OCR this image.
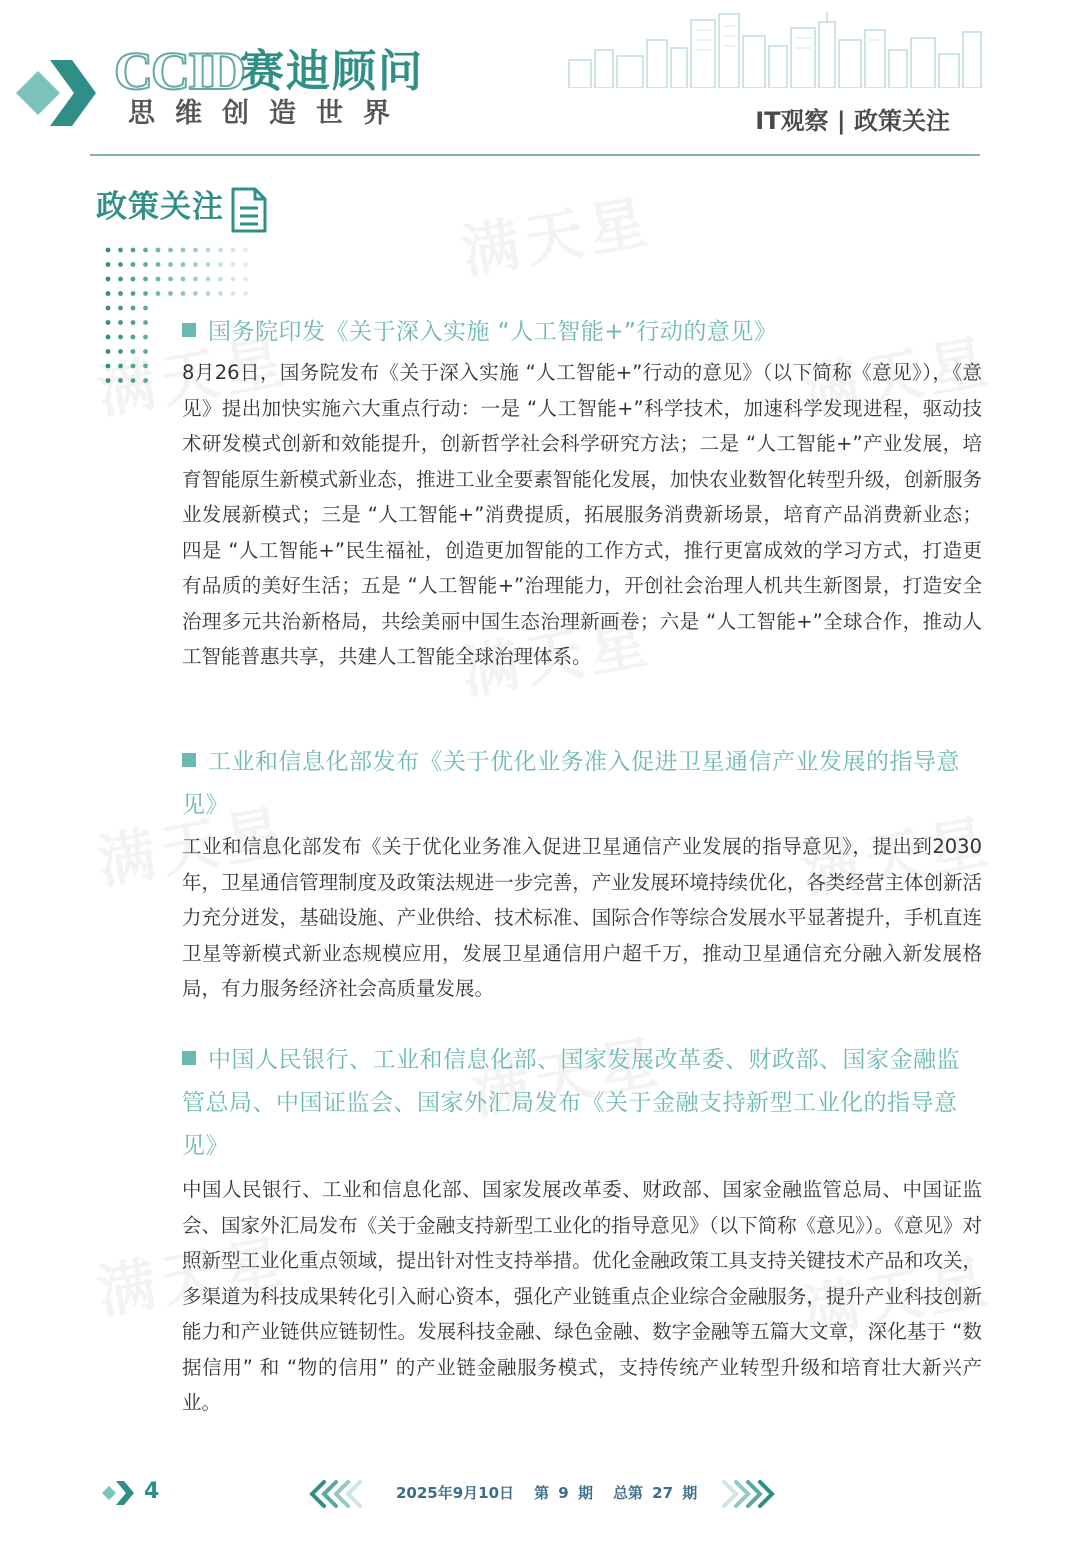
CCID
赛迪顾问
思维创造世界	IT观察 | 政策关注
政策关注
国务院印发《关于深入实施 “人工智能+”行动的意见》
8月26日，国务院发布《关于深入实施 “人工智能+”行动的意见》（以下简称《意见》），《意见》提出加快实施六大重点行动：一是 “人工智能+”科学技术，加速科学发现进程，驱动技术研发模式创新和效能提升，创新哲学社会科学研究方法；二是 “人工智能+”产业发展，培育智能原生新模式新业态，推进工业全要素智能化发展，加快农业数智化转型升级，创新服务业发展新模式；三是 “人工智能+”消费提质，拓展服务消费新场景，培育产品消费新业态；四是 “人工智能+”民生福祉，创造更加智能的工作方式，推行更富成效的学习方式，打造更有品质的美好生活；五是 “人工智能+”治理能力，开创社会治理人机共生新图景，打造安全治理多元共治新格局，共绘美丽中国生态治理新画卷；六是 “人工智能+”全球合作，推动人工智能普惠共享，共建人工智能全球治理体系。
工业和信息化部发布《关于优化业务准入促进卫星通信产业发展的指导意见》
工业和信息化部发布《关于优化业务准入促进卫星通信产业发展的指导意见》，提出到2030年，卫星通信管理制度及政策法规进一步完善，产业发展环境持续优化，各类经营主体创新活力充分迸发，基础设施、产业供给、技术标准、国际合作等综合发展水平显著提升，手机直连卫星等新模式新业态规模应用，发展卫星通信用户超千万，推动卫星通信充分融入新发展格局，有力服务经济社会高质量发展。
中国人民银行、工业和信息化部、国家发展改革委、财政部、国家金融监管总局、中国证监会、国家外汇局发布《关于金融支持新型工业化的指导意见》
中国人民银行、工业和信息化部、国家发展改革委、财政部、国家金融监管总局、中国证监会、国家外汇局发布《关于金融支持新型工业化的指导意见》（以下简称《意见》）。《意见》对照新型工业化重点领域，提出针对性支持举措。优化金融政策工具支持关键技术产品和攻关，多渠道为科技成果转化引入耐心资本，强化产业链重点企业综合金融服务，提升产业科技创新能力和产业链供应链韧性。发展科技金融、绿色金融、数字金融等五篇大文章，深化基于 “数据信用” 和 “物的信用” 的产业链金融服务模式，支持传统产业转型升级和培育壮大新兴产业。
4	2025年9月10日 第 9 期 总第 27 期
